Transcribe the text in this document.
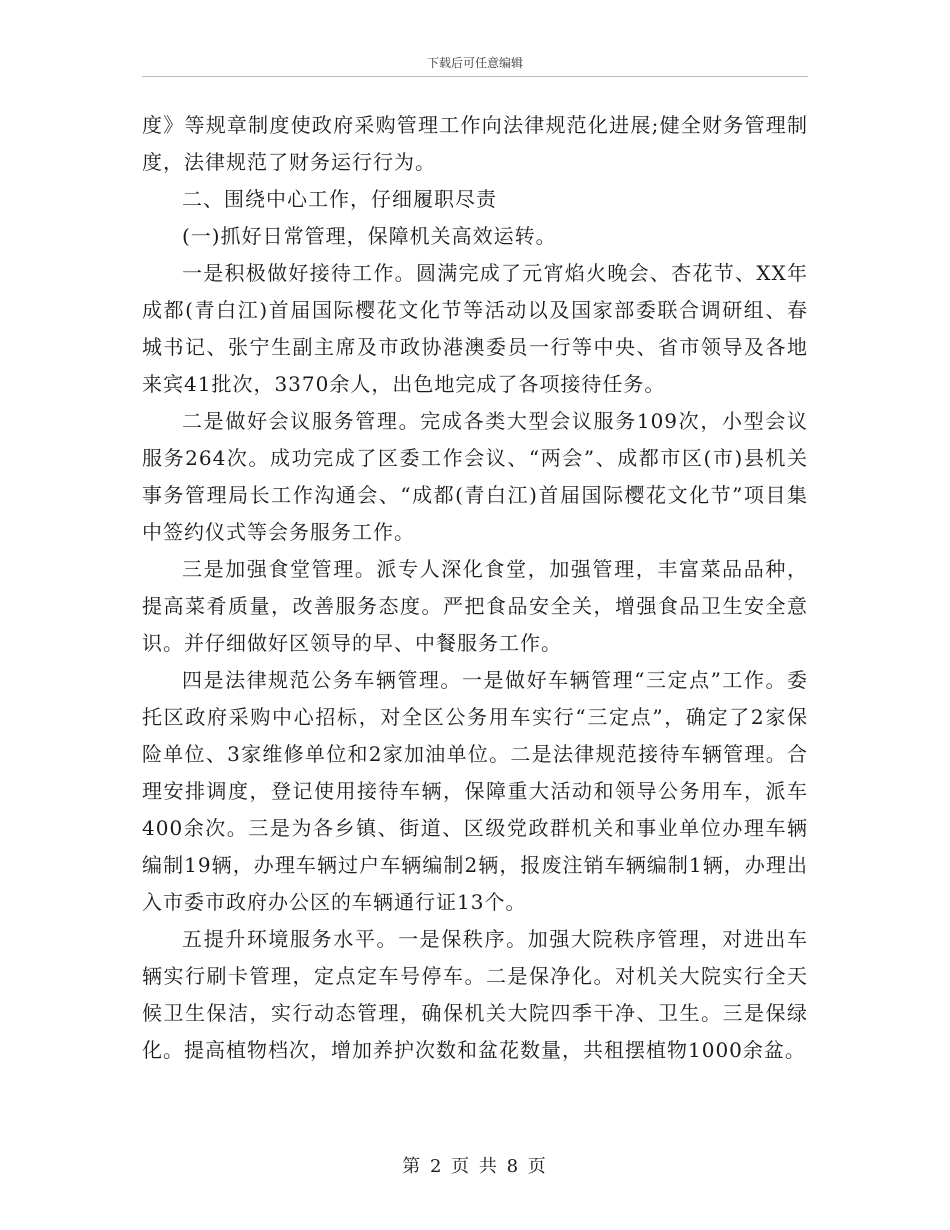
下载后可任意编辑

度》等规章制度使政府采购管理工作向法律规范化进展;健全财务管理制度，法律规范了财务运行行为。

二、围绕中心工作，仔细履职尽责

(一)抓好日常管理，保障机关高效运转。

一是积极做好接待工作。圆满完成了元宵焰火晚会、杏花节、XX年成都(青白江)首届国际樱花文化节等活动以及国家部委联合调研组、春城书记、张宁生副主席及市政协港澳委员一行等中央、省市领导及各地来宾41批次，3370余人，出色地完成了各项接待任务。

二是做好会议服务管理。完成各类大型会议服务109次，小型会议服务264次。成功完成了区委工作会议、“两会”、成都市区(市)县机关事务管理局长工作沟通会、“成都(青白江)首届国际樱花文化节”项目集中签约仪式等会务服务工作。

三是加强食堂管理。派专人深化食堂，加强管理，丰富菜品品种，提高菜肴质量，改善服务态度。严把食品安全关，增强食品卫生安全意识。并仔细做好区领导的早、中餐服务工作。

四是法律规范公务车辆管理。一是做好车辆管理“三定点”工作。委托区政府采购中心招标，对全区公务用车实行“三定点”，确定了2家保险单位、3家维修单位和2家加油单位。二是法律规范接待车辆管理。合理安排调度，登记使用接待车辆，保障重大活动和领导公务用车，派车400余次。三是为各乡镇、街道、区级党政群机关和事业单位办理车辆编制19辆，办理车辆过户车辆编制2辆，报废注销车辆编制1辆，办理出入市委市政府办公区的车辆通行证13个。

五提升环境服务水平。一是保秩序。加强大院秩序管理，对进出车辆实行刷卡管理，定点定车号停车。二是保净化。对机关大院实行全天候卫生保洁，实行动态管理，确保机关大院四季干净、卫生。三是保绿化。提高植物档次，增加养护次数和盆花数量，共租摆植物1000余盆。

第 2 页 共 8 页
